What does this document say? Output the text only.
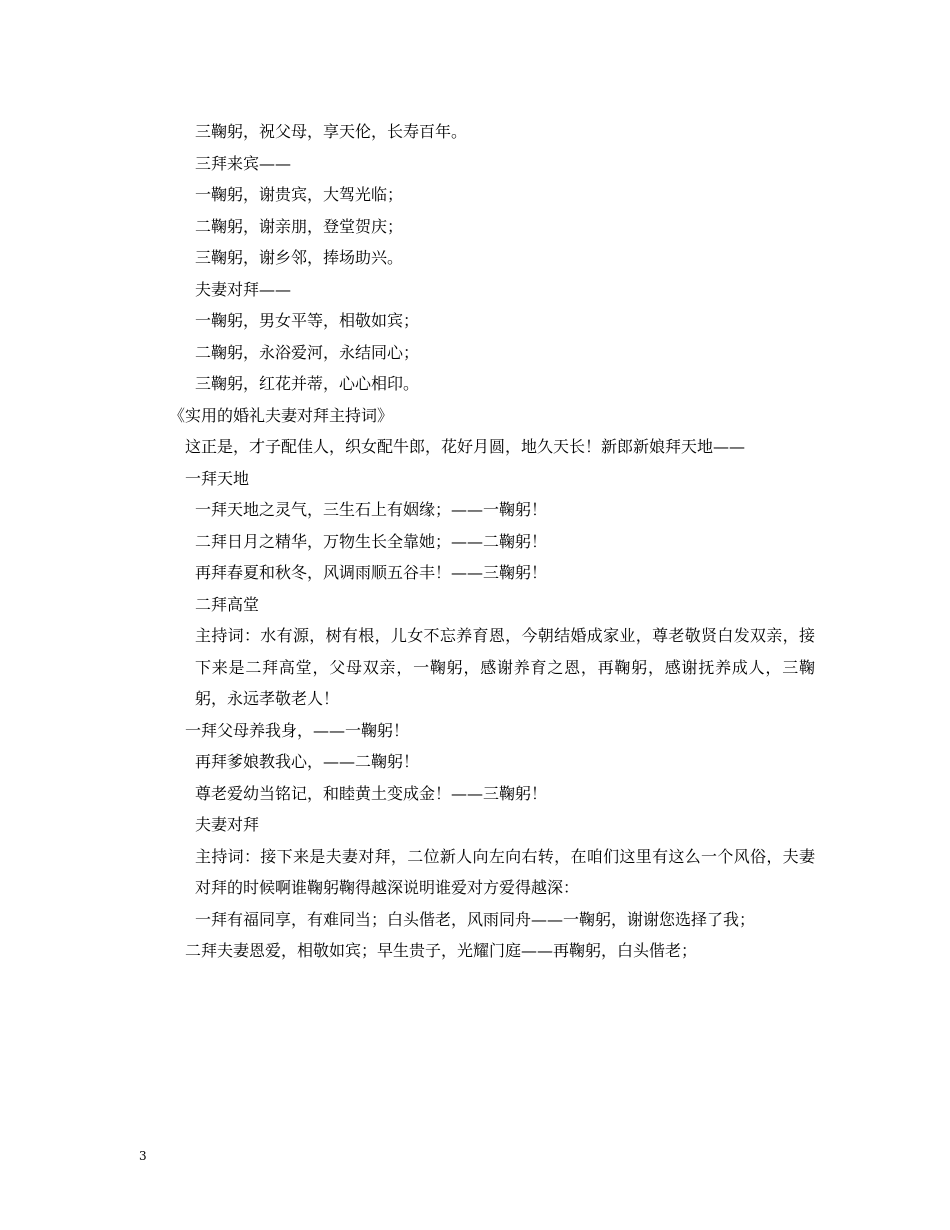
三鞠躬，祝父母，享天伦，长寿百年。
三拜来宾——
一鞠躬，谢贵宾，大驾光临；
二鞠躬，谢亲朋，登堂贺庆；
三鞠躬，谢乡邻，捧场助兴。
夫妻对拜——
一鞠躬，男女平等，相敬如宾；
二鞠躬，永浴爱河，永结同心；
三鞠躬，红花并蒂，心心相印。
《实用的婚礼夫妻对拜主持词》
这正是，才子配佳人，织女配牛郎，花好月圆，地久天长！新郎新娘拜天地——
一拜天地
一拜天地之灵气，三生石上有姻缘；——一鞠躬！
二拜日月之精华，万物生长全靠她；——二鞠躬！
再拜春夏和秋冬，风调雨顺五谷丰！——三鞠躬！
二拜高堂
主持词：水有源，树有根，儿女不忘养育恩，今朝结婚成家业，尊老敬贤白发双亲，接下来是二拜高堂，父母双亲，一鞠躬，感谢养育之恩，再鞠躬，感谢抚养成人，三鞠躬，永远孝敬老人！
一拜父母养我身，——一鞠躬！
再拜爹娘教我心，——二鞠躬！
尊老爱幼当铭记，和睦黄土变成金！——三鞠躬！
夫妻对拜
主持词：接下来是夫妻对拜，二位新人向左向右转，在咱们这里有这么一个风俗，夫妻对拜的时候啊谁鞠躬鞠得越深说明谁爱对方爱得越深：
一拜有福同享，有难同当；白头偕老，风雨同舟——一鞠躬，谢谢您选择了我；
二拜夫妻恩爱，相敬如宾；早生贵子，光耀门庭——再鞠躬，白头偕老；
3
